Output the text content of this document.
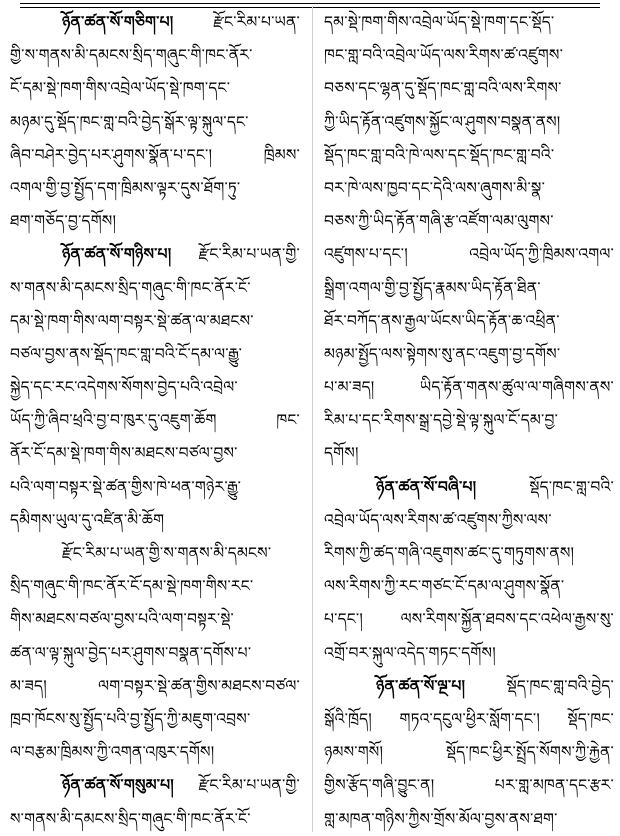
ཉོན་ཚན་སོ་གཅིག་པ། རྫོང་རིམ་པ་ཡན་
གྱི་ས་གནས་མི་དམངས་སྲིད་གཞུང་གི་ཁང་ནོར་
ངོ་དམ་སྡེ་ཁག་གིས་འབྲེལ་ཡོད་སྡེ་ཁག་དང་
མཉམ་དུ་སྡོད་ཁང་གླ་བའི་བྱེད་སྒོར་ལྟ་སྐུལ་དང་
ཞིབ་བཤེར་བྱེད་པར་ཤུགས་སྣོན་པ་དང་། ཁྲིམས་
འགལ་གྱི་བྱ་སྤྱོད་དག་ཁྲིམས་ལྟར་དུས་ཐོག་ཏུ་
ཐག་གཅོད་བྱ་དགོས།
ཉོན་ཚན་སོ་གཉིས་པ། རྫོང་རིམ་པ་ཡན་གྱི་
ས་གནས་མི་དམངས་སྲིད་གཞུང་གི་ཁང་ནོར་ངོ་
དམ་སྡེ་ཁག་གིས་ལག་བསྟར་སྡེ་ཚན་ལ་མཐངས་
བཙལ་བྱས་ནས་སྡོད་ཁང་གླ་བའི་ངོ་དམ་ལ་རྒྱུ་
སྐྱེད་དང་རང་འདེགས་སོགས་བྱེད་པའི་འབྲེལ་
ཡོད་ཀྱི་ཞིབ་ཕྲའི་བྱ་བ་ཁུར་དུ་འཇུག་ཆོག ཁང་
ནོར་ངོ་དམ་སྡེ་ཁག་གིས་མཐངས་བཙལ་བྱས་
པའི་ལག་བསྟར་སྡེ་ཚན་གྱིས་ཁེ་ཕན་གཉེར་རྒྱུ་
དམིགས་ཡུལ་དུ་འཛིན་མི་ཆོག
རྫོང་རིམ་པ་ཡན་གྱི་ས་གནས་མི་དམངས་
སྲིད་གཞུང་གི་ཁང་ནོར་ངོ་དམ་སྡེ་ཁག་གིས་རང་
གིས་མཐངས་བཙལ་བྱས་པའི་ལག་བསྟར་སྡེ་
ཚན་ལ་ལྟ་སྐུལ་བྱེད་པར་ཤུགས་བསྣན་དགོས་པ་
མ་ཟད། ལག་བསྟར་སྡེ་ཚན་གྱིས་མཐངས་བཙལ་
ཁྲབ་ཁོངས་སུ་སྤྱོད་པའི་བྱ་སྤྱོད་ཀྱི་མཇུག་འབྲས་
ལ་བརྩམ་ཁྲིམས་ཀྱི་འགན་འཁུར་དགོས།
ཉོན་ཚན་སོ་གསུམ་པ། རྫོང་རིམ་པ་ཡན་གྱི་
ས་གནས་མི་དམངས་སྲིད་གཞུང་གི་ཁང་ནོར་ངོ་
དམ་སྡེ་ཁག་གིས་འབྲེལ་ཡོད་སྡེ་ཁག་དང་སྡོད་
ཁང་གླ་བའི་འབྲེལ་ཡོད་ལས་རིགས་ཚ་འཛུགས་
བཅས་དང་ལྷན་དུ་སྡོད་ཁང་གླ་བའི་ལས་རིགས་
ཀྱི་ཡིད་རྟོན་འཛུགས་སྐྱོང་ལ་ཤུགས་བསྣན་ནས།
སྡོད་ཁང་གླ་བའི་ཁེ་ལས་དང་སྡོད་ཁང་གླ་བའི་
བར་ཁེ་ལས་ཁྱབ་དང་དེའི་ལས་ཞུགས་མི་སྣ་
བཅས་ཀྱི་ཡིད་རྟོན་གཞི་རྩ་འཛོག་ལམ་ལུགས་
འཛུགས་པ་དང་། འབྲེལ་ཡོད་ཀྱི་ཁྲིམས་འགལ་
སྒྲིག་འགལ་གྱི་བྱ་སྤྱོད་རྣམས་ཡིད་རྟོན་ཐིན་
ཐོར་བཀོད་ནས་རྒྱལ་ཡོངས་ཡིད་རྟོན་ཆ་འཕྲིན་
མཉམ་སྤྱོད་ལས་སྟེགས་སུ་ནང་འཇུག་བྱ་དགོས་
པ་མ་ཟད། ཡིད་རྟོན་གནས་ཚུལ་ལ་གཞིགས་ནས་
རིམ་པ་དང་རིགས་སྒྲ་དབྱེ་སྡེ་ལྟ་སྐུལ་ངོ་དམ་བྱ་
དགོས།
ཉོན་ཚན་སོ་བཞི་པ། སྡོད་ཁང་གླ་བའི་
འབྲེལ་ཡོད་ལས་རིགས་ཚ་འཛུགས་ཀྱིས་ལས་
རིགས་ཀྱི་ཚད་གཞི་འཇུགས་ཚང་དུ་གཏུགས་ནས།
ལས་རིགས་ཀྱི་རང་གཙང་ངོ་དམ་ལ་ཤུགས་སྣོན་
པ་དང་། ལས་རིགས་སྐྱོན་ཐབས་དང་འཕེལ་རྒྱས་སུ་
འགྲོ་བར་སྐུལ་འདེད་གཏང་དགོས།
ཉོན་ཚན་སོ་ལྔ་པ། སྡོད་ཁང་གླ་བའི་བྱེད་
སྒོའི་ཁྲོད། གཏའ་དངུལ་ཕྱིར་སློག་དང་། སྡོད་ཁང་
ཉམས་གསོ། སྡོད་ཁང་ཕྱིར་སྤྲོད་སོགས་ཀྱི་རྐྱེན་
གྱིས་རྩོད་གཞི་བྱུང་ན། པར་གླ་མཁན་དང་རྩར་
གླ་མཁན་གཉིས་ཀྱིས་གྲོས་མོལ་བྱས་ནས་ཐག་
